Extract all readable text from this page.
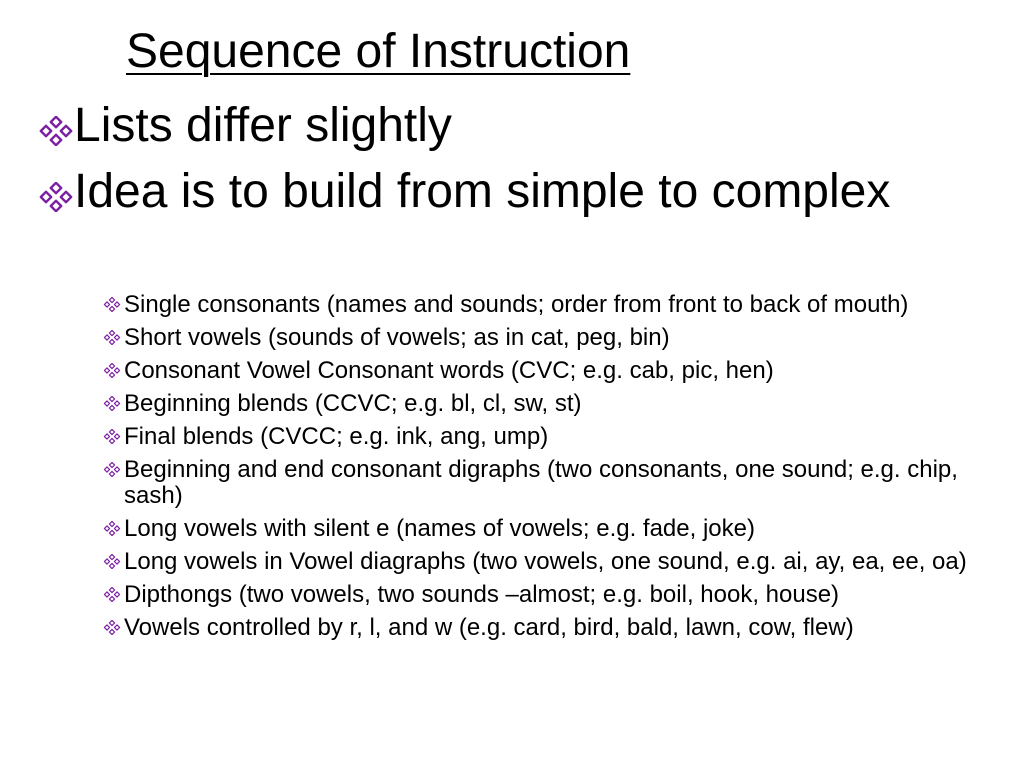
Sequence of Instruction
Lists differ slightly
Idea is to build from simple to complex
Single consonants (names and sounds; order from front to back of mouth)
Short vowels (sounds of vowels; as in cat, peg, bin)
Consonant Vowel Consonant words (CVC; e.g. cab, pic, hen)
Beginning blends (CCVC; e.g. bl, cl, sw, st)
Final blends (CVCC; e.g. ink, ang, ump)
Beginning and end consonant digraphs (two consonants, one sound; e.g. chip, sash)
Long vowels with silent e (names of vowels; e.g. fade, joke)
Long vowels in Vowel diagraphs (two vowels, one sound, e.g. ai, ay, ea, ee, oa)
Dipthongs (two vowels, two sounds –almost; e.g. boil, hook, house)
Vowels controlled by r, l, and w (e.g. card, bird, bald, lawn, cow, flew)
